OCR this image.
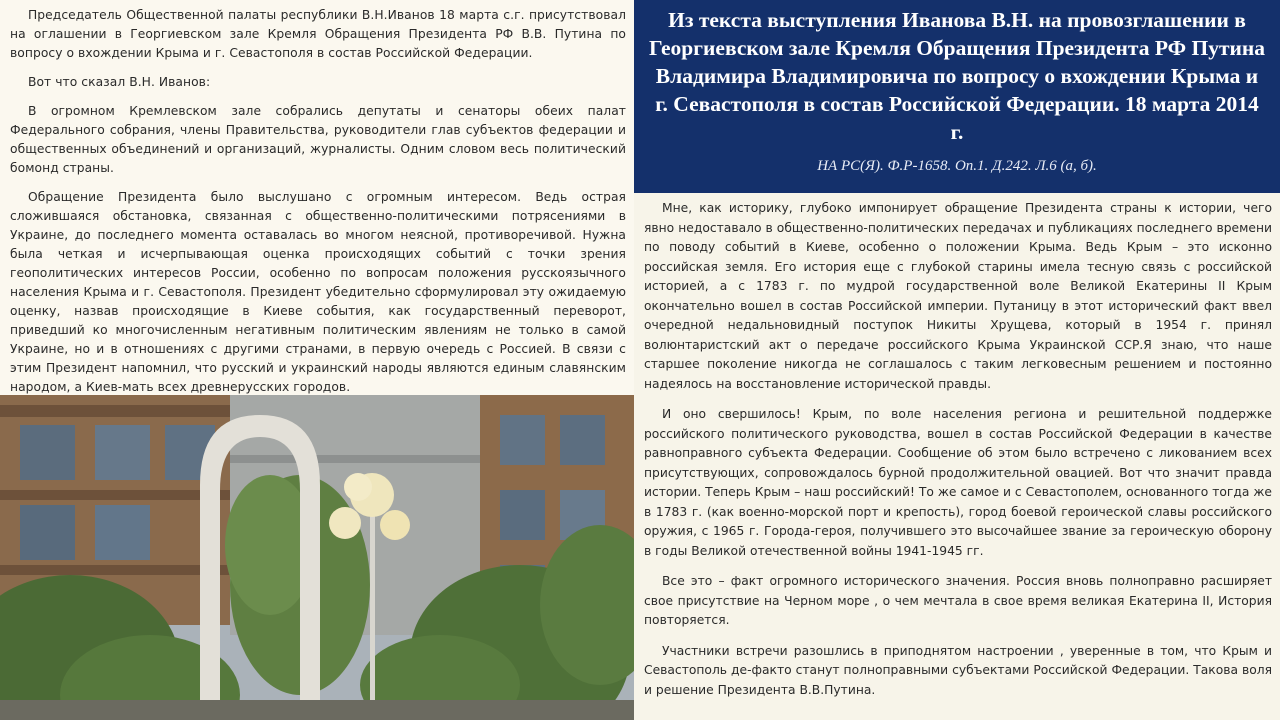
Председатель Общественной палаты республики В.Н.Иванов 18 марта с.г. присутствовал на оглашении в Георгиевском зале Кремля Обращения Президента РФ В.В. Путина по вопросу о вхождении Крыма и г. Севастополя в состав Российской Федерации.

Вот что сказал В.Н. Иванов:

В огромном Кремлевском зале собрались депутаты и сенаторы обеих палат Федерального собрания, члены Правительства, руководители глав субъектов федерации и общественных объединений и организаций, журналисты. Одним словом весь политический бомонд страны.

Обращение Президента было выслушано с огромным интересом. Ведь острая сложившаяся обстановка, связанная с общественно-политическими потрясениями в Украине, до последнего момента оставалась во многом неясной, противоречивой. Нужна была четкая и исчерпывающая оценка происходящих событий с точки зрения геополитических интересов России, особенно по вопросам положения русскоязычного населения Крыма и г. Севастополя. Президент убедительно сформулировал эту ожидаемую оценку, назвав происходящие в Киеве события, как государственный переворот, приведший ко многочисленным негативным политическим явлениям не только в самой Украине, но и в отношениях с другими странами, в первую очередь с Россией. В связи с этим Президент напомнил, что русский и украинский народы являются единым славянским народом, а Киев-мать всех древнерусских городов.

Из текста выступления Иванова В.Н. на провозглашении в Георгиевском зале Кремля Обращения Президента РФ Путина Владимира Владимировича по вопросу о вхождении Крыма и г. Севастополя в состав Российской Федерации. 18 марта 2014 г.

НА РС(Я). Ф.Р-1658. Оп.1. Д.242. Л.6 (а, б).

Мне, как историку, глубоко импонирует обращение Президента страны к истории, чего явно недоставало в общественно-политических передачах и публикациях последнего времени по поводу событий в Киеве, особенно о положении Крыма. Ведь Крым – это исконно российская земля. Его история еще с глубокой старины имела тесную связь с российской историей, а с 1783 г. по мудрой государственной воле Великой Екатерины II Крым окончательно вошел в состав Российской империи. Путаницу в этот исторический факт ввел очередной недальновидный поступок Никиты Хрущева, который в 1954 г. принял волюнтаристский акт о передаче российского Крыма Украинской ССР.Я знаю, что наше старшее поколение никогда не соглашалось с таким легковесным решением и постоянно надеялось на восстановление исторической правды.

И оно свершилось! Крым, по воле населения региона и решительной поддержке российского политического руководства, вошел в состав Российской Федерации в качестве равноправного субъекта Федерации. Сообщение об этом было встречено с ликованием всех присутствующих, сопровождалось бурной продолжительной овацией. Вот что значит правда истории. Теперь Крым – наш российский! То же самое и с Севастополем, основанного тогда же в 1783 г. (как военно-морской порт и крепость), город боевой героической славы российского оружия, с 1965 г. Города-героя, получившего это высочайшее звание за героическую оборону в годы Великой отечественной войны 1941-1945 гг.

Все это – факт огромного исторического значения. Россия вновь полноправно расширяет свое присутствие на Черном море , о чем мечтала в свое время великая Екатерина II, История повторяется.

Участники встречи разошлись в приподнятом настроении , уверенные в том, что Крым и Севастополь де-факто станут полноправными субъектами Российской Федерации. Такова воля и решение Президента В.В.Путина.
